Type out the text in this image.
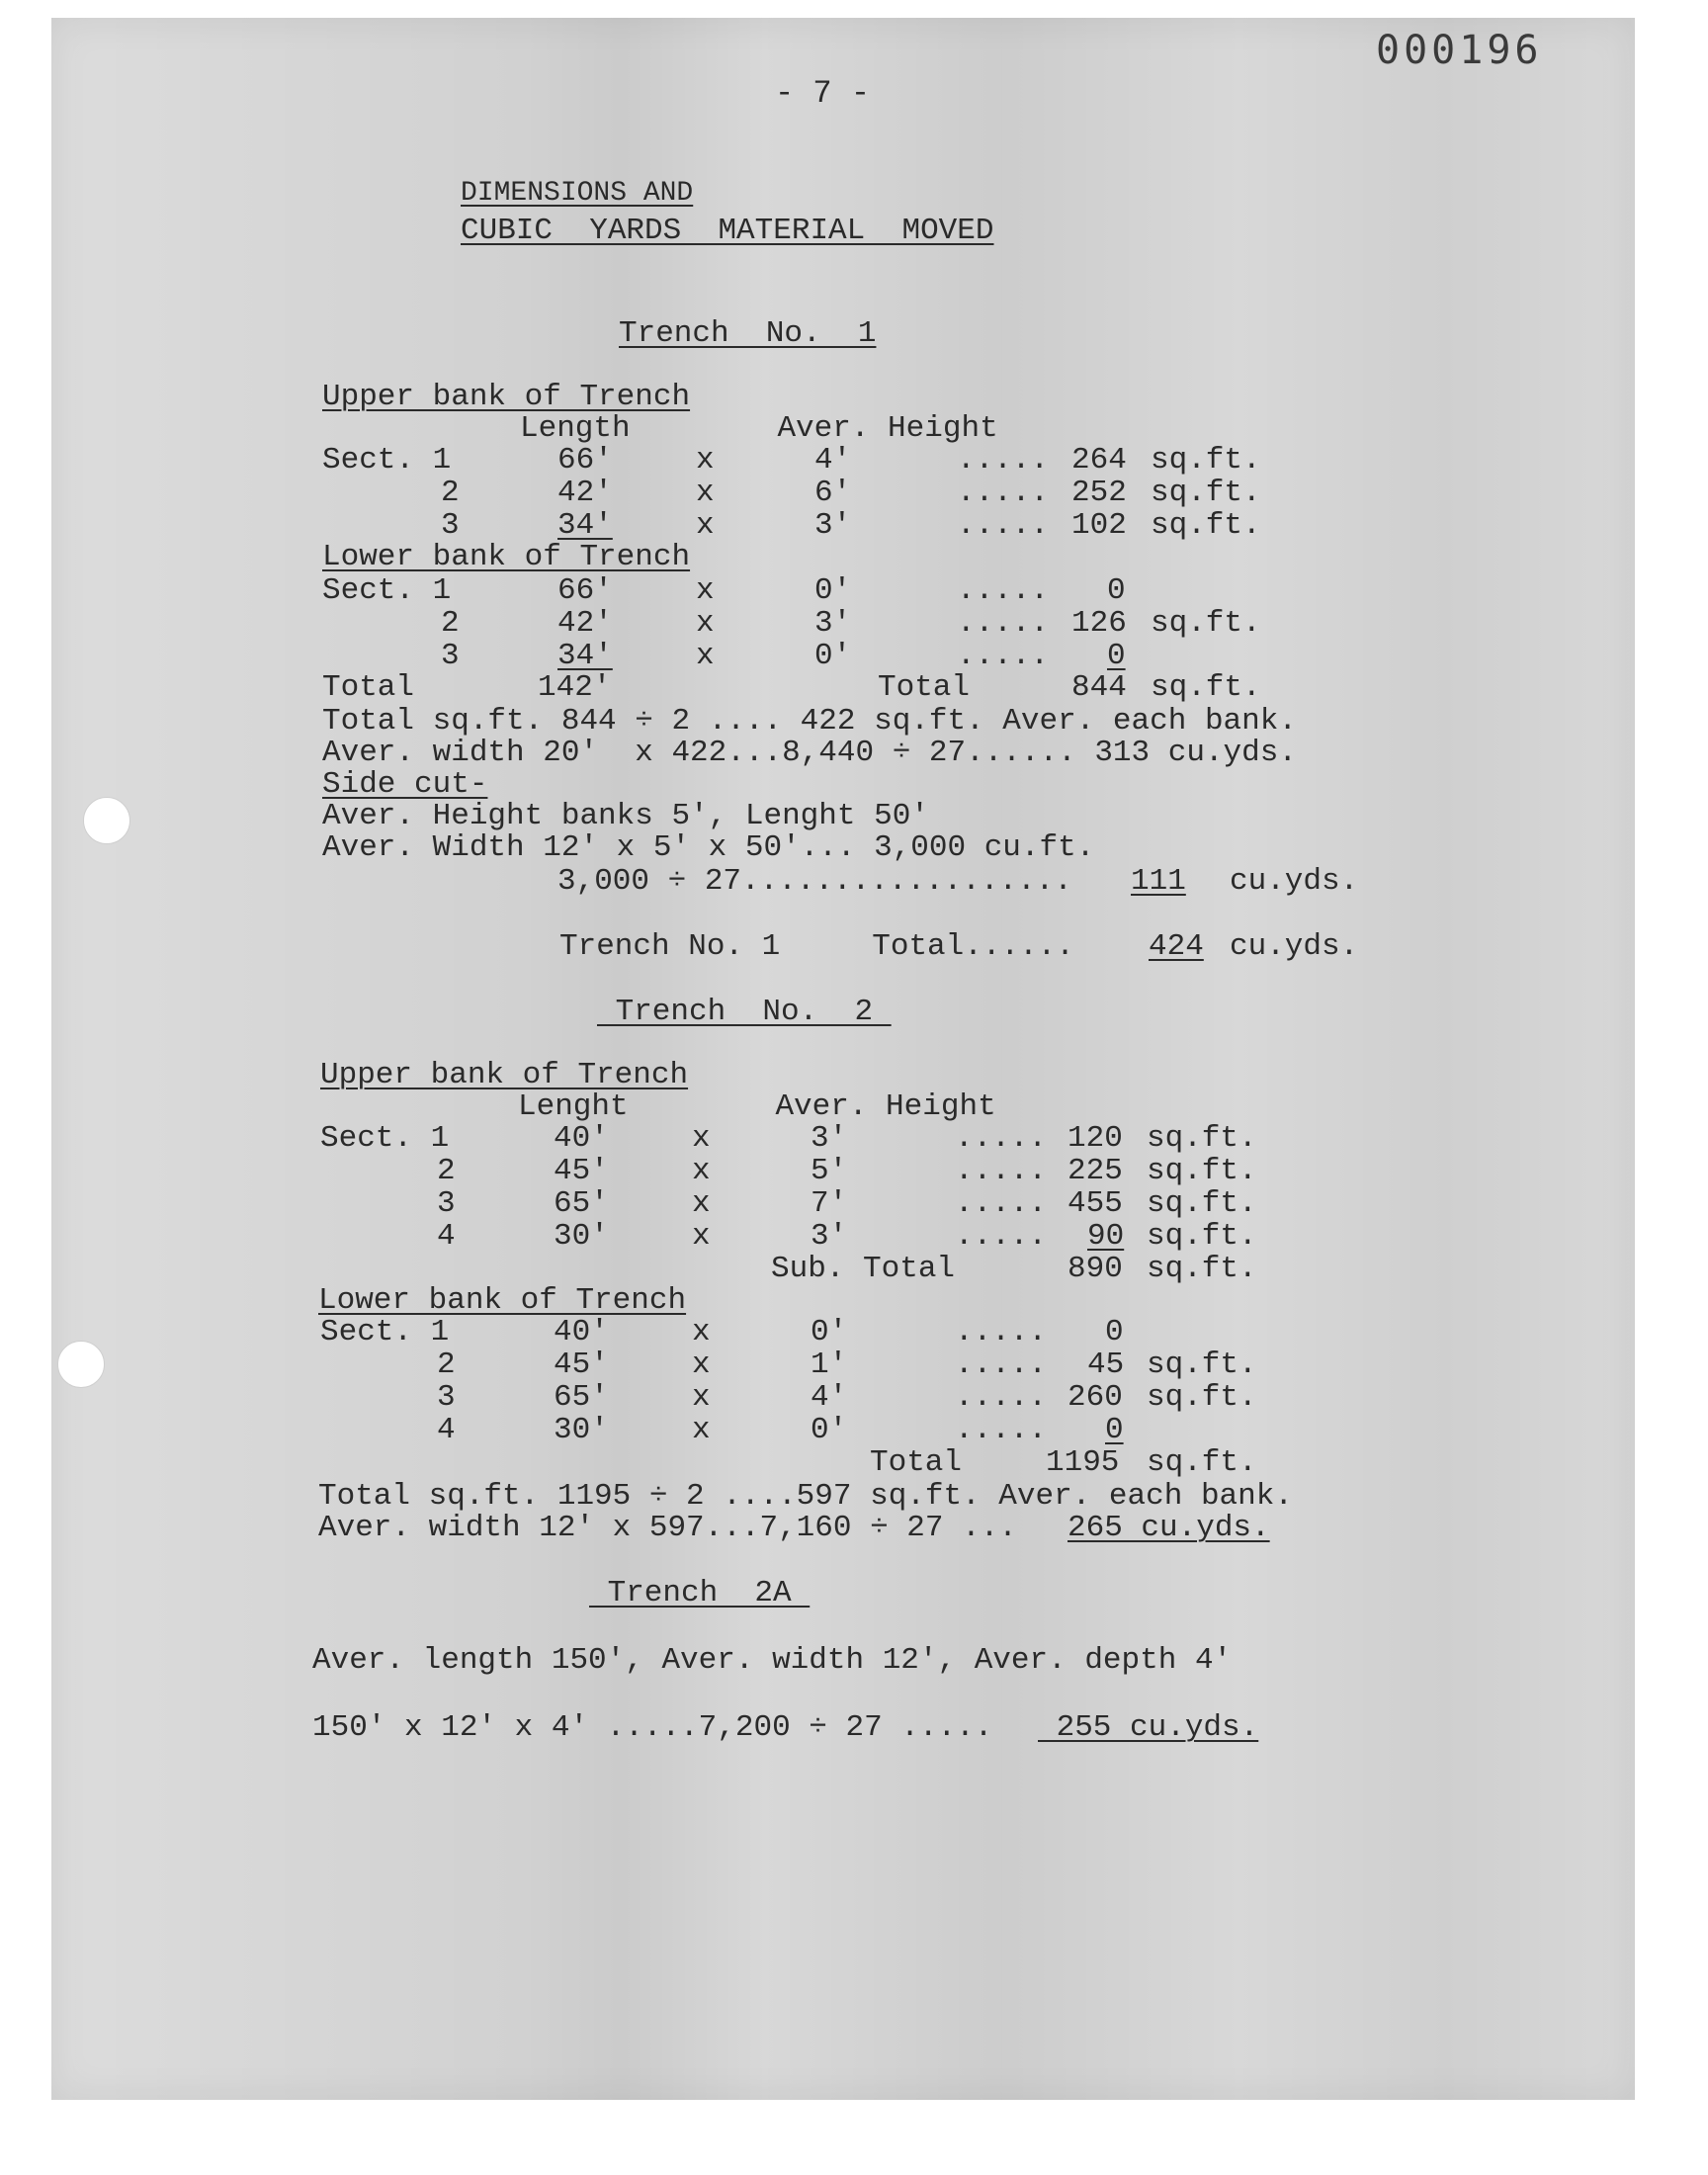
000196
- 7 -
DIMENSIONS AND
CUBIC  YARDS  MATERIAL  MOVED
Trench  No.  1
Upper bank of Trench
Length        Aver. Height
Sect. 1	66'	x	4'	..... 264 sq.ft.
2	42'	x	6'	..... 252 sq.ft.
3	34'	x	3'	..... 102 sq.ft.
Lower bank of Trench
Sect. 1	66'	x	0'	..... 0
2	42'	x	3'	..... 126 sq.ft.
3	34'	x	0'	..... 0
Total	142'	Total	844 sq.ft.
Total sq.ft. 844 ÷ 2 .... 422 sq.ft. Aver. each bank.
Aver. width 20'  x 422...8,440 ÷ 27...... 313 cu.yds.
Side cut-
Aver. Height banks 5', Lenght 50'
Aver. Width 12' x 5' x 50'... 3,000 cu.ft.
3,000 ÷ 27.................. 111 cu.yds.
Trench No. 1     Total...... 424 cu.yds.
Trench  No.  2
Upper bank of Trench
Lenght        Aver. Height
Sect. 1	40'	x	3'	..... 120 sq.ft.
2	45'	x	5'	..... 225 sq.ft.
3	65'	x	7'	..... 455 sq.ft.
4	30'	x	3'	..... 90 sq.ft.
Sub. Total	890 sq.ft.
Lower bank of Trench
Sect. 1	40'	x	0'	..... 0
2	45'	x	1'	..... 45 sq.ft.
3	65'	x	4'	..... 260 sq.ft.
4	30'	x	0'	..... 0
Total	1195 sq.ft.
Total sq.ft. 1195 ÷ 2 ....597 sq.ft. Aver. each bank.
Aver. width 12' x 597...7,160 ÷ 27 ... 265 cu.yds.
Trench  2A
Aver. length 150', Aver. width 12', Aver. depth 4'
150' x 12' x 4' .....7,200 ÷ 27 ..... 255 cu.yds.
